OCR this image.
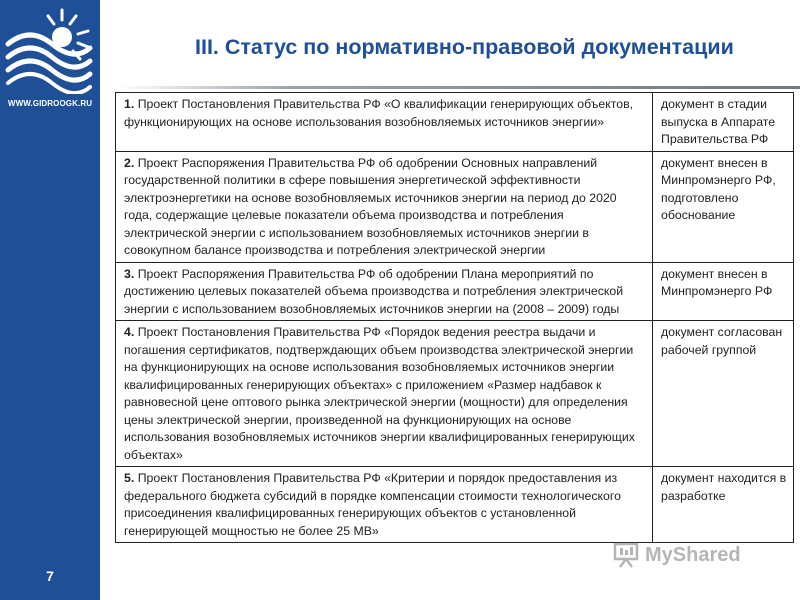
WWW.GIDROOGK.RU
7
III. Статус по нормативно-правовой документации
1. Проект Постановления Правительства РФ «О квалификации генерирующих объектов, функционирующих на основе использования возобновляемых источников энергии»	документ в стадии выпуска в Аппарате Правительства РФ
2. Проект Распоряжения Правительства РФ об одобрении Основных направлений государственной политики в сфере повышения энергетической эффективности электроэнергетики на основе возобновляемых источников энергии на период до 2020 года, содержащие целевые показатели объема производства и потребления электрической энергии с использованием возобновляемых источников энергии в совокупном балансе производства и потребления электрической энергии	документ внесен в Минпромэнерго РФ, подготовлено обоснование
3. Проект Распоряжения Правительства РФ об одобрении Плана мероприятий по достижению целевых показателей объема производства и потребления электрической энергии с использованием возобновляемых источников энергии на (2008 – 2009) годы	документ внесен в Минпромэнерго РФ
4. Проект Постановления Правительства РФ «Порядок ведения реестра выдачи и погашения сертификатов, подтверждающих объем производства электрической энергии на функционирующих на основе использования возобновляемых источников энергии квалифицированных генерирующих объектах» с приложением «Размер надбавок к равновесной цене оптового рынка электрической энергии (мощности) для определения цены электрической энергии, произведенной на функционирующих на основе использования возобновляемых источников энергии квалифицированных генерирующих объектах»	документ согласован рабочей группой
5. Проект Постановления Правительства РФ «Критерии и порядок предоставления из федерального бюджета субсидий в порядке компенсации стоимости технологического присоединения квалифицированных генерирующих объектов с установленной генерирующей мощностью не более 25 МВ»	документ находится в разработке
MyShared
